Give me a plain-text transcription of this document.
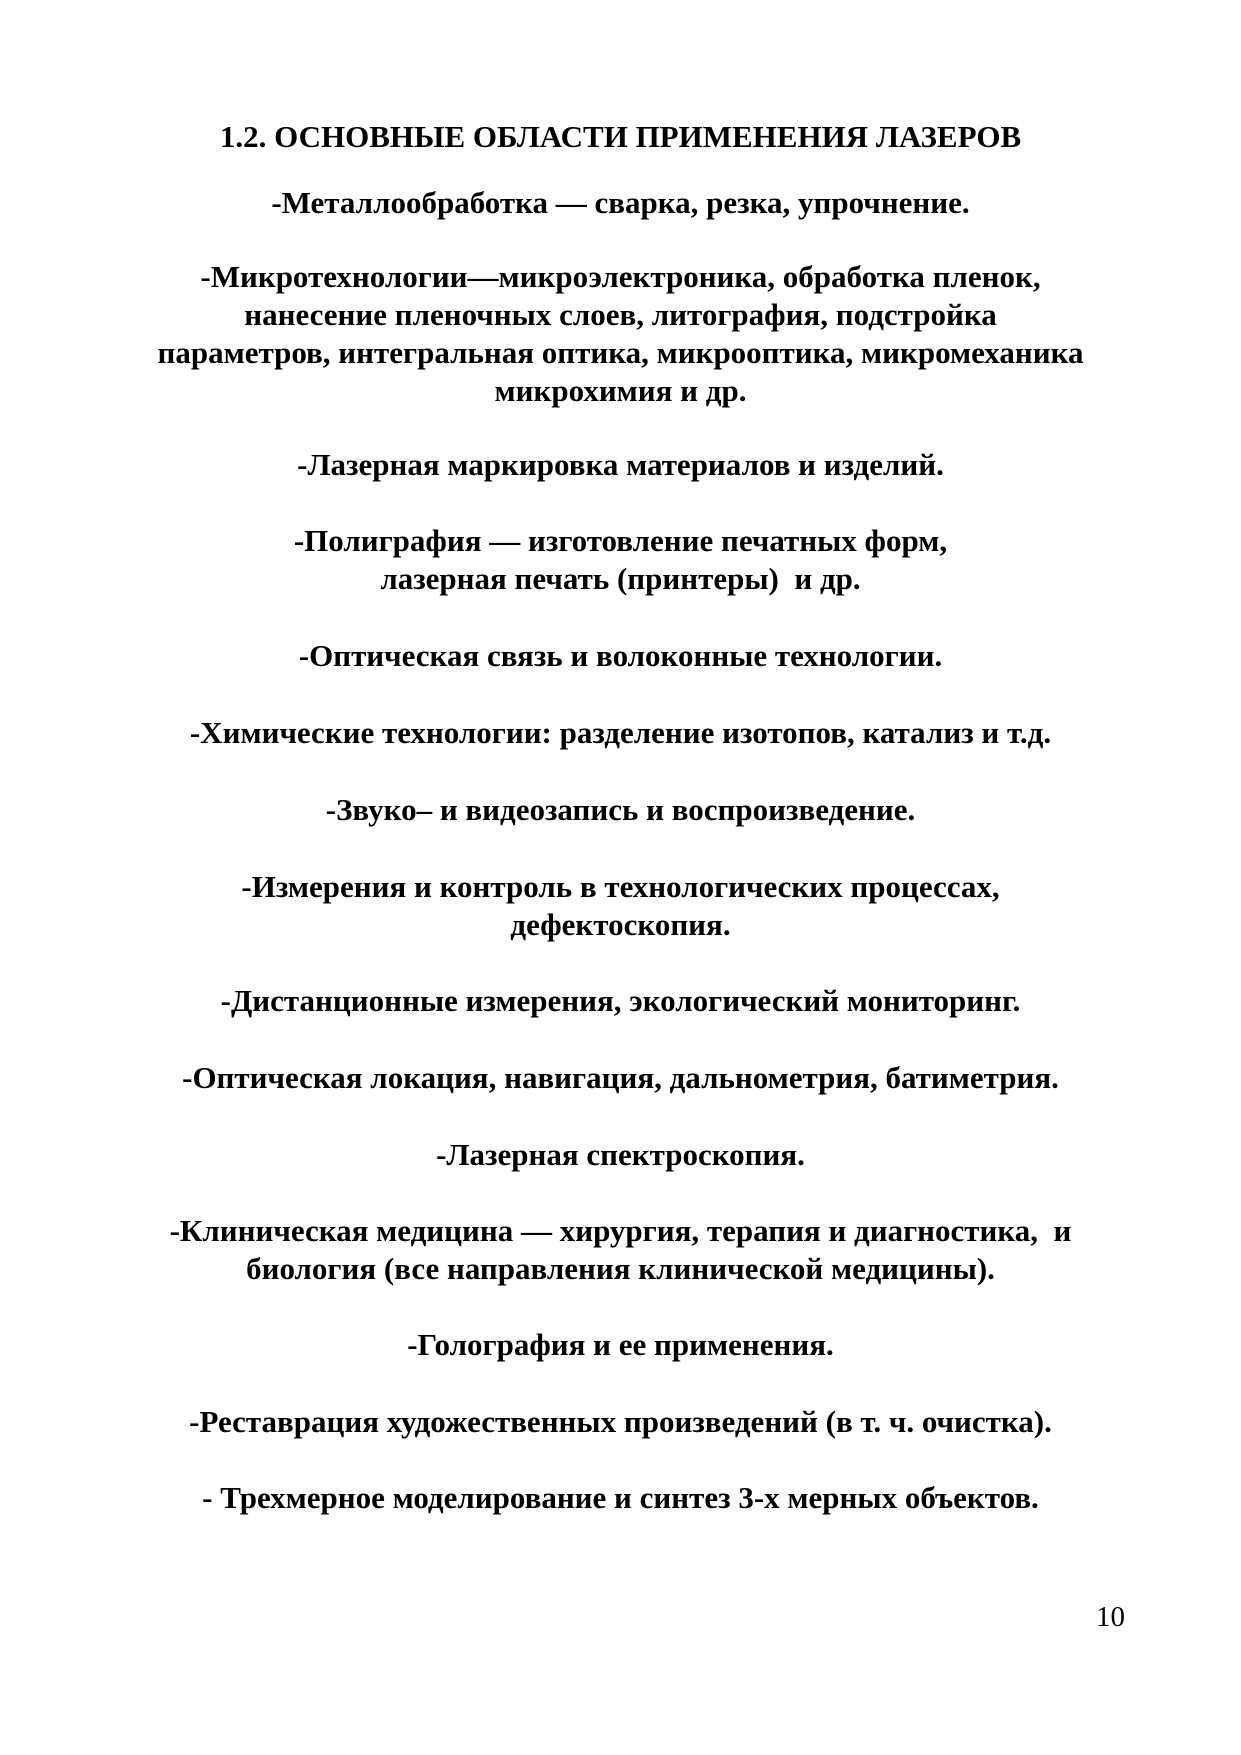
1.2. ОСНОВНЫЕ ОБЛАСТИ ПРИМЕНЕНИЯ ЛАЗЕРОВ
-Металлообработка — сварка, резка, упрочнение.
-Микротехнологии—микроэлектроника, обработка пленок,
нанесение пленочных слоев, литография, подстройка
параметров, интегральная оптика, микрооптика, микромеханика
микрохимия и др.
-Лазерная маркировка материалов и изделий.
-Полиграфия — изготовление печатных форм,
лазерная печать (принтеры)  и др.
-Оптическая связь и волоконные технологии.
-Химические технологии: разделение изотопов, катализ и т.д.
-Звуко– и видеозапись и воспроизведение.
-Измерения и контроль в технологических процессах,
дефектоскопия.
-Дистанционные измерения, экологический мониторинг.
-Оптическая локация, навигация, дальнометрия, батиметрия.
-Лазерная спектроскопия.
-Клиническая медицина — хирургия, терапия и диагностика,  и
биология (все направления клинической медицины).
-Голография и ее применения.
-Реставрация художественных произведений (в т. ч. очистка).
- Трехмерное моделирование и синтез 3-х мерных объектов.
10
